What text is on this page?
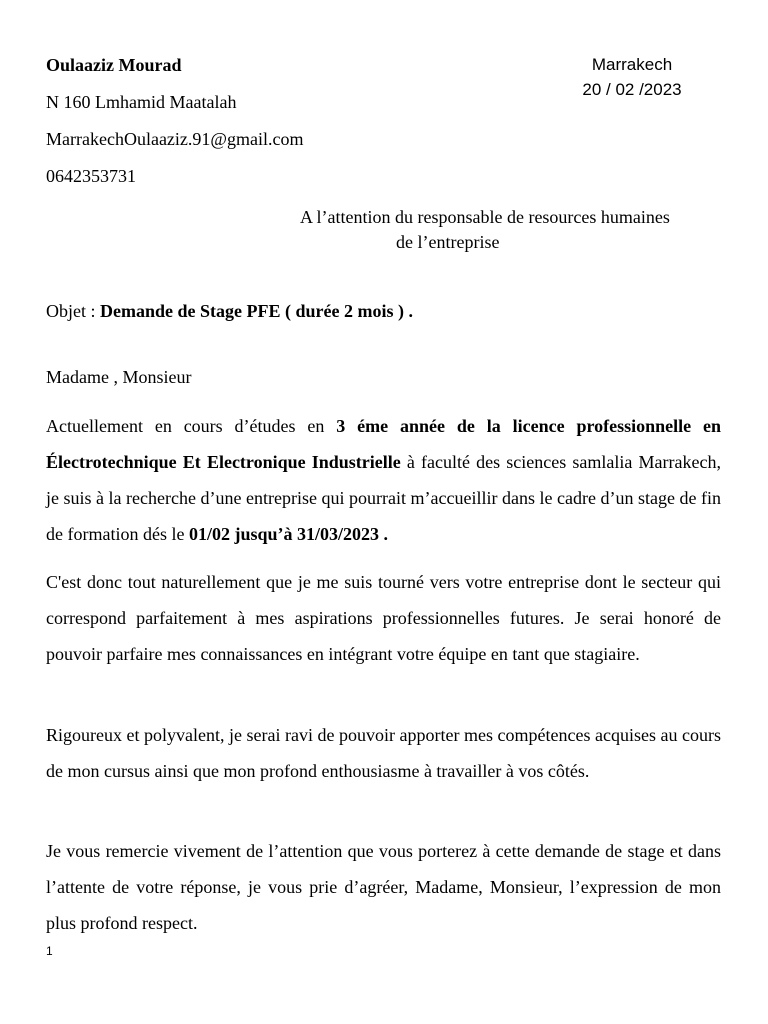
Oulaaziz Mourad
N 160 Lmhamid Maatalah
MarrakechOulaaziz.91@gmail.com
0642353731
Marrakech
20 / 02 /2023
A l’attention du responsable de resources humaines
de l’entreprise
Objet : Demande de Stage PFE ( durée 2 mois ) .
Madame , Monsieur
Actuellement en cours d’études en 3 éme année de la licence professionnelle en Électrotechnique Et Electronique Industrielle à faculté des sciences samlalia Marrakech, je suis à la recherche d’une entreprise qui pourrait m’accueillir dans le cadre d’un stage de fin de formation dés le 01/02 jusqu’à 31/03/2023 .
C'est donc tout naturellement que je me suis tourné vers votre entreprise dont le secteur qui correspond parfaitement à mes aspirations professionnelles futures. Je serai honoré de pouvoir parfaire mes connaissances en intégrant votre équipe en tant que stagiaire.
Rigoureux et polyvalent, je serai ravi de pouvoir apporter mes compétences acquises au cours de mon cursus ainsi que mon profond enthousiasme à travailler à vos côtés.
Je vous remercie vivement de l’attention que vous porterez à cette demande de stage et dans l’attente de votre réponse, je vous prie d’agréer, Madame, Monsieur, l’expression de mon plus profond respect.
1
